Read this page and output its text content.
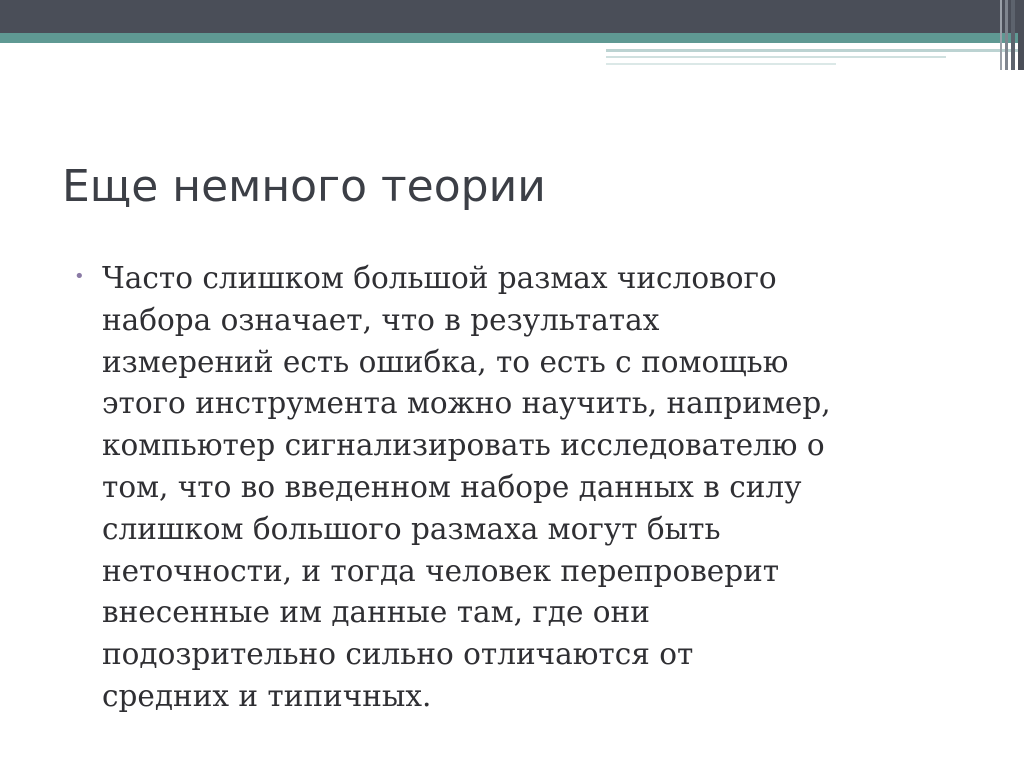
Еще немного теории
• Часто слишком большой размах числового
набора означает, что в результатах
измерений есть ошибка, то есть с помощью
этого инструмента можно научить, например,
компьютер сигнализировать исследователю о
том, что во введенном наборе данных в силу
слишком большого размаха могут быть
неточности, и тогда человек перепроверит
внесенные им данные там, где они
подозрительно сильно отличаются от
средних и типичных.
